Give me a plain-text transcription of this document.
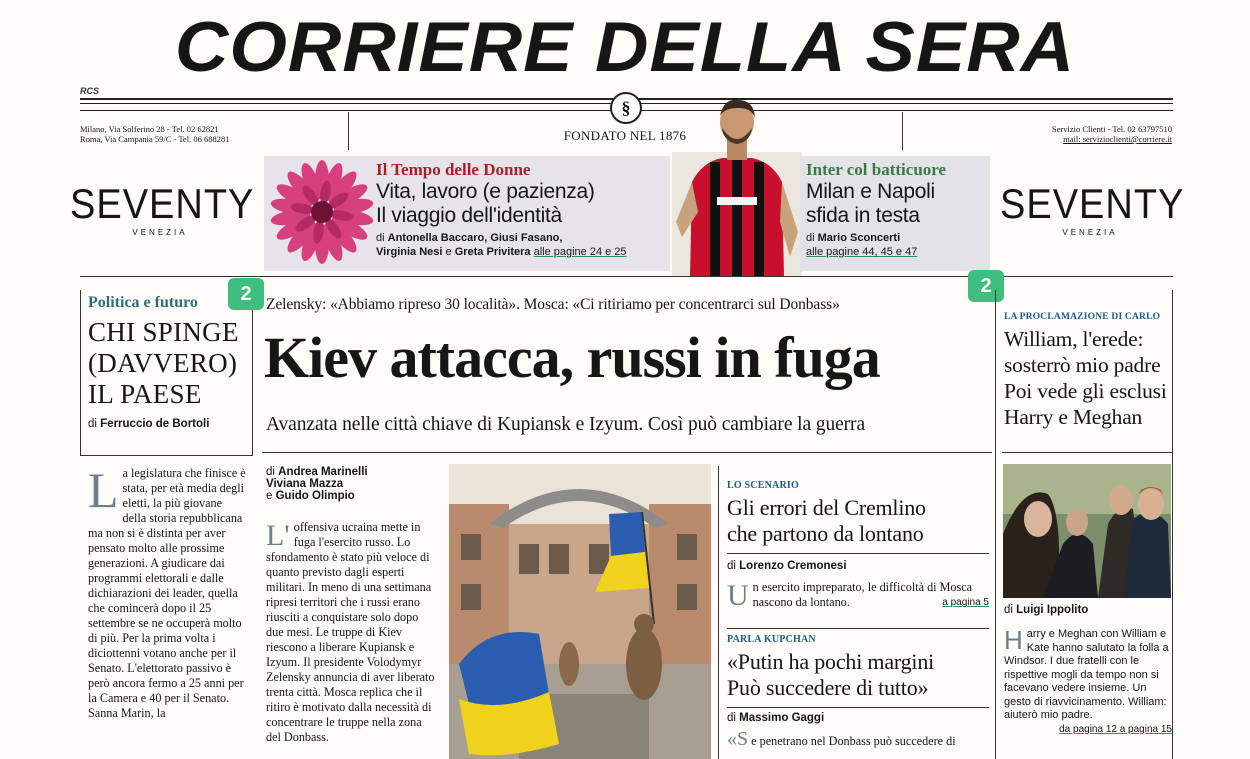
CORRIERE DELLA SERA
RCS
§
Milano, Via Solferino 28 - Tel. 02 62821
Roma, Via Campania 59/C - Tel. 06 688281	FONDATO NEL 1876	Servizio Clienti - Tel. 02 63797510
mail: servizioclienti@corriere.it
SEVENTY
VENEZIA
SEVENTY
VENEZIA
Il Tempo delle Donne
Vita, lavoro (e pazienza)
Il viaggio dell'identità
di Antonella Baccaro, Giusi Fasano,
Virginia Nesi e Greta Privitera alle pagine 24 e 25
Inter col batticuore
Milan e Napoli
sfida in testa
di Mario Sconcerti
alle pagine 44, 45 e 47
Politica e futuro
CHI SPINGE
(DAVVERO)
IL PAESE
di Ferruccio de Bortoli
L a legislatura che finisce è stata, per età media degli eletti, la più giovane della storia repubblicana ma non si è distinta per aver pensato molto alle prossime generazioni. A giudicare dai programmi elettorali e dalle dichiarazioni dei leader, quella che comincerà dopo il 25 settembre se ne occuperà molto di più. Per la prima volta i diciottenni votano anche per il Senato. L'elettorato passivo è però ancora fermo a 25 anni per la Camera e 40 per il Senato. Sanna Marin, la
2	2
Zelensky: «Abbiamo ripreso 30 località». Mosca: «Ci ritiriamo per concentrarci sul Donbass»
Kiev attacca, russi in fuga
Avanzata nelle città chiave di Kupiansk e Izyum. Così può cambiare la guerra
di Andrea Marinelli
Viviana Mazza
e Guido Olimpio
L' offensiva ucraina mette in fuga l'esercito russo. Lo sfondamento è stato più veloce di quanto previsto dagli esperti militari. In meno di una settimana ripresi territori che i russi erano riusciti a conquistare solo dopo due mesi. Le truppe di Kiev riescono a liberare Kupiansk e Izyum. Il presidente Volodymyr Zelensky annuncia di aver liberato trenta città. Mosca replica che il ritiro è motivato dalla necessità di concentrare le truppe nella zona del Donbass.
LO SCENARIO
Gli errori del Cremlino
che partono da lontano
di Lorenzo Cremonesi
U n esercito impreparato, le difficoltà di Mosca nascono da lontano.	a pagina 5
PARLA KUPCHAN
«Putin ha pochi margini
Può succedere di tutto»
di Massimo Gaggi
«S e penetrano nel Donbass può succedere di
LA PROCLAMAZIONE DI CARLO
William, l'erede:
sosterrò mio padre
Poi vede gli esclusi
Harry e Meghan
di Luigi Ippolito
H arry e Meghan con William e Kate hanno salutato la folla a Windsor. I due fratelli con le rispettive mogli da tempo non si facevano vedere insieme. Un gesto di riavvicinamento. William: aiuterò mio padre.
da pagina 12 a pagina 15
